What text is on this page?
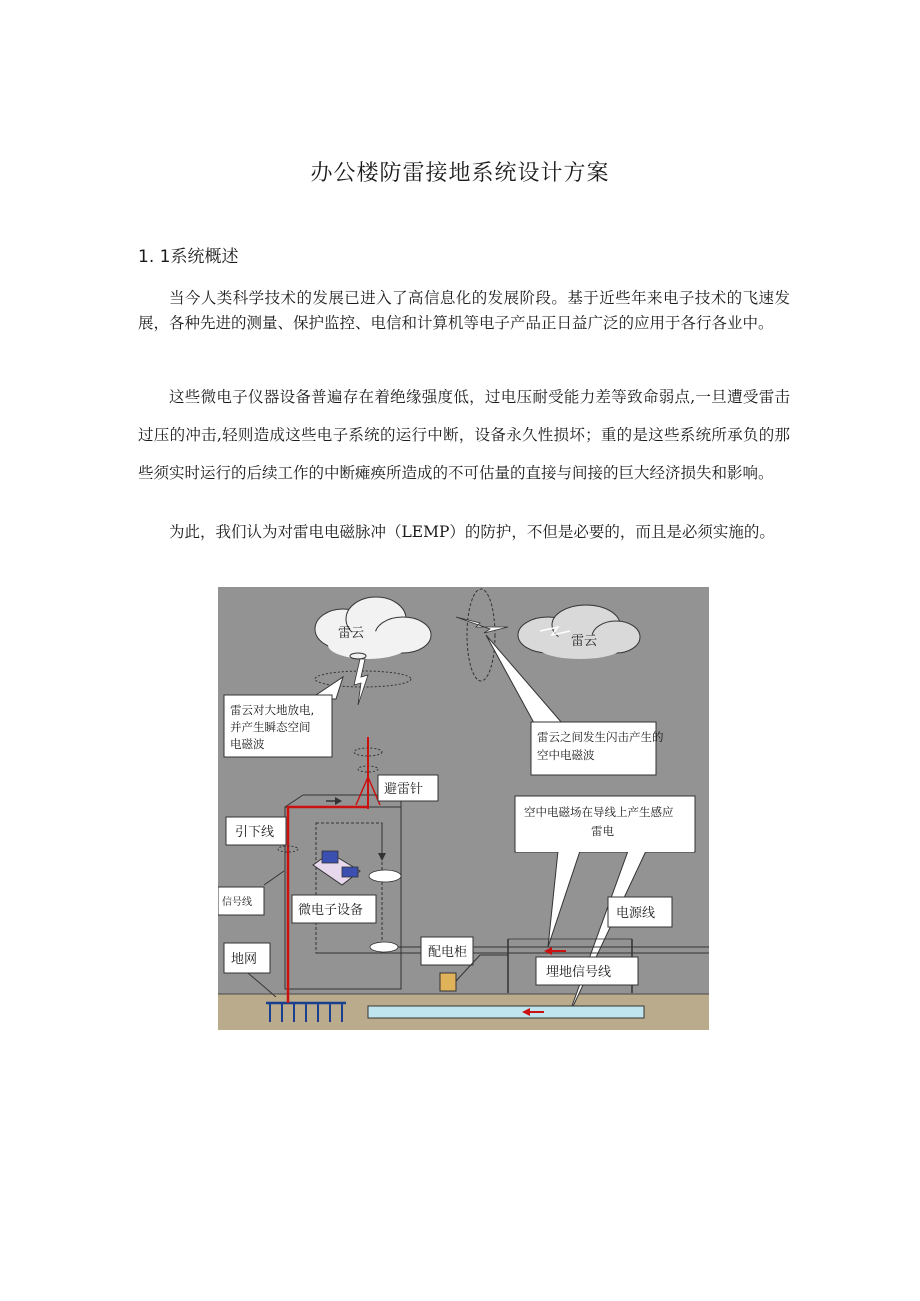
办公楼防雷接地系统设计方案
1. 1系统概述
当今人类科学技术的发展已进入了高信息化的发展阶段。基于近些年来电子技术的飞速发展，各种先进的测量、保护监控、电信和计算机等电子产品正日益广泛的应用于各行各业中。
这些微电子仪器设备普遍存在着绝缘强度低，过电压耐受能力差等致命弱点,一旦遭受雷击过压的冲击,轻则造成这些电子系统的运行中断，设备永久性损坏；重的是这些系统所承负的那些须实时运行的后续工作的中断瘫痪所造成的不可估量的直接与间接的巨大经济损失和影响。
为此，我们认为对雷电电磁脉冲（LEMP）的防护，不但是必要的，而且是必须实施的。
雷云
雷云
雷云对大地放电,
并产生瞬态空间
电磁波	雷云之间发生闪击产生的
空中电磁波
空中电磁场在导线上产生感应
雷电
避雷针
引下线
微电子设备
信号线
电源线
配电柜
埋地信号线
地网
